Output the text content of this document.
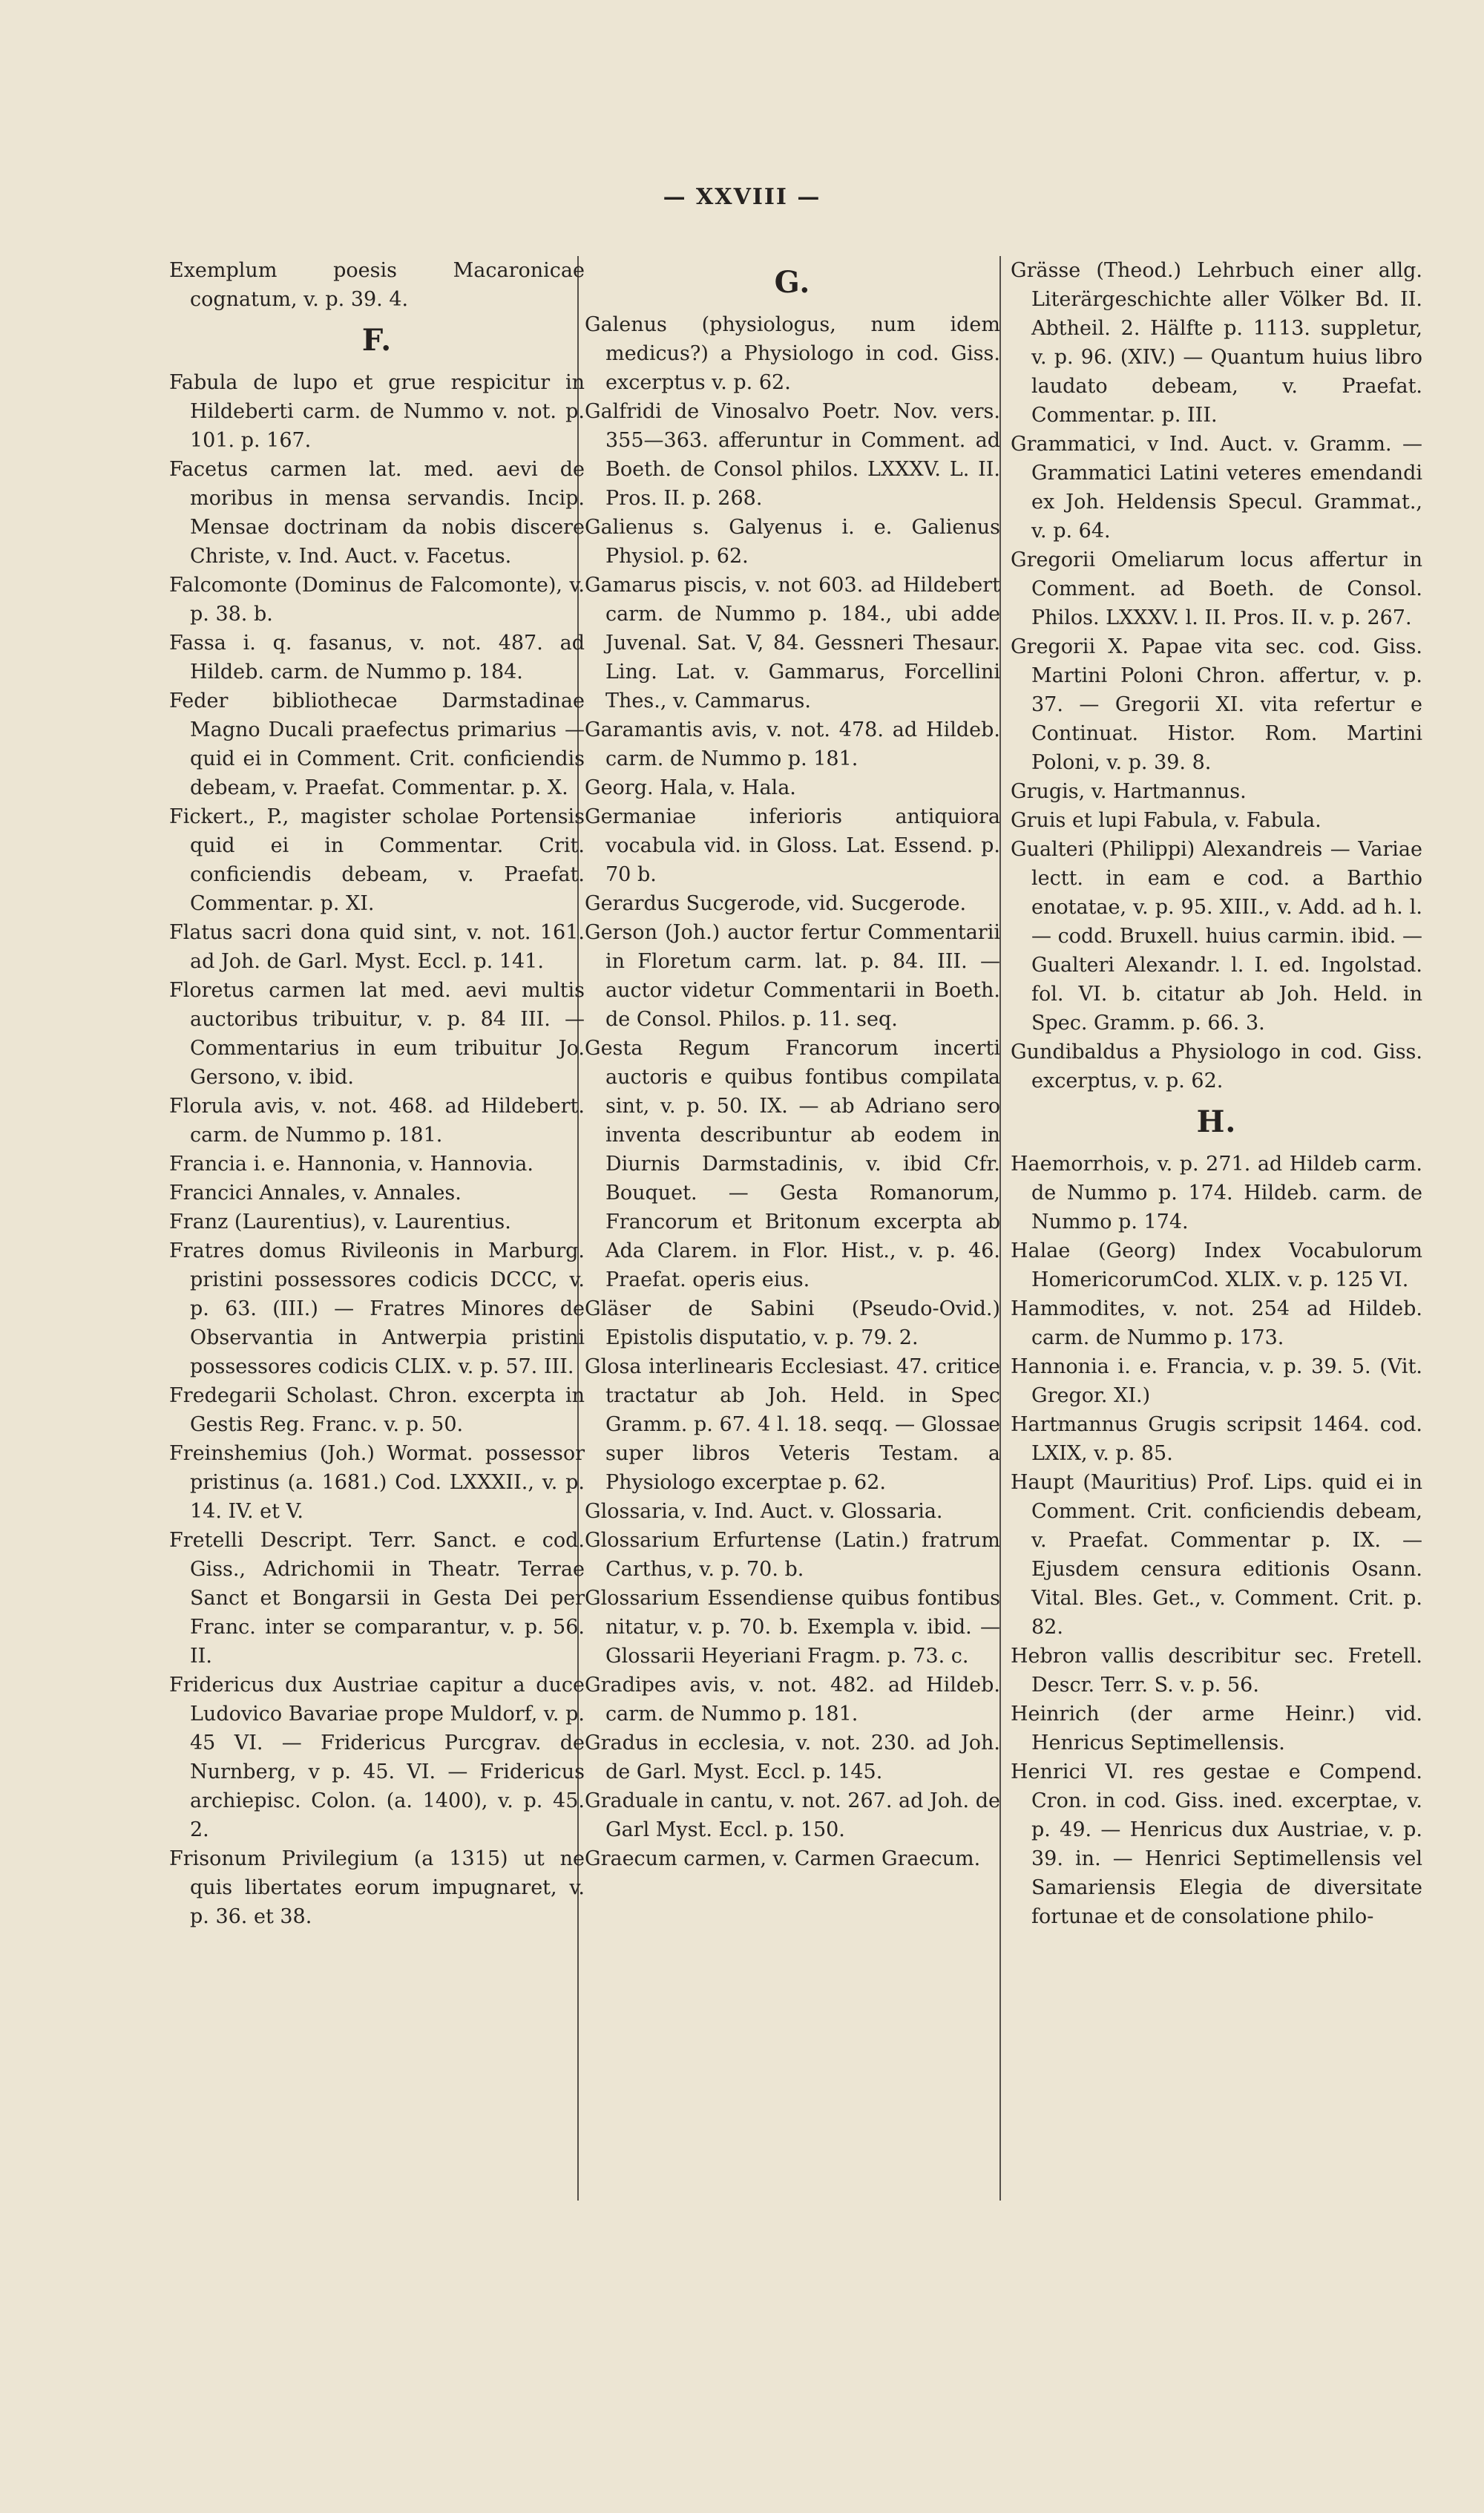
— XXVIII —
Exemplum poesis Macaronicae cognatum, v. p. 39. 4.
F.
Fabula de lupo et grue respicitur in Hildeberti carm. de Nummo v. not. p. 101. p. 167.
Facetus carmen lat. med. aevi de moribus in mensa servandis. Incip. Mensae doctrinam da nobis discere Christe, v. Ind. Auct. v. Facetus.
Falcomonte (Dominus de Falcomonte), v. p. 38. b.
Fassa i. q. fasanus, v. not. 487. ad Hildeb. carm. de Nummo p. 184.
Feder bibliothecae Darmstadinae Magno Ducali praefectus primarius — quid ei in Comment. Crit. conficiendis debeam, v. Praefat. Commentar. p. X.
Fickert., P., magister scholae Portensis quid ei in Commentar. Crit. conficiendis debeam, v. Praefat. Commentar. p. XI.
Flatus sacri dona quid sint, v. not. 161. ad Joh. de Garl. Myst. Eccl. p. 141.
Floretus carmen lat med. aevi multis auctoribus tribuitur, v. p. 84 III. — Commentarius in eum tribuitur Jo. Gersono, v. ibid.
Florula avis, v. not. 468. ad Hildebert. carm. de Nummo p. 181.
Francia i. e. Hannonia, v. Hannovia.
Francici Annales, v. Annales.
Franz (Laurentius), v. Laurentius.
Fratres domus Rivileonis in Marburg. pristini possessores codicis DCCC, v. p. 63. (III.) — Fratres Minores de Observantia in Antwerpia pristini possessores codicis CLIX. v. p. 57. III.
Fredegarii Scholast. Chron. excerpta in Gestis Reg. Franc. v. p. 50.
Freinshemius (Joh.) Wormat. possessor pristinus (a. 1681.) Cod. LXXXII., v. p. 14. IV. et V.
Fretelli Descript. Terr. Sanct. e cod. Giss., Adrichomii in Theatr. Terrae Sanct et Bongarsii in Gesta Dei per Franc. inter se comparantur, v. p. 56. II.
Fridericus dux Austriae capitur a duce Ludovico Bavariae prope Muldorf, v. p. 45 VI. — Fridericus Purcgrav. de Nurnberg, v p. 45. VI. — Fridericus archiepisc. Colon. (a. 1400), v. p. 45. 2.
Frisonum Privilegium (a 1315) ut ne quis libertates eorum impugnaret, v. p. 36. et 38.
G.
Galenus (physiologus, num idem medicus?) a Physiologo in cod. Giss. excerptus v. p. 62.
Galfridi de Vinosalvo Poetr. Nov. vers. 355—363. afferuntur in Comment. ad Boeth. de Consol philos. LXXXV. L. II. Pros. II. p. 268.
Galienus s. Galyenus i. e. Galienus Physiol. p. 62.
Gamarus piscis, v. not 603. ad Hildebert carm. de Nummo p. 184., ubi adde Juvenal. Sat. V, 84. Gessneri Thesaur. Ling. Lat. v. Gammarus, Forcellini Thes., v. Cammarus.
Garamantis avis, v. not. 478. ad Hildeb. carm. de Nummo p. 181.
Georg. Hala, v. Hala.
Germaniae inferioris antiquiora vocabula vid. in Gloss. Lat. Essend. p. 70 b.
Gerardus Sucgerode, vid. Sucgerode.
Gerson (Joh.) auctor fertur Commentarii in Floretum carm. lat. p. 84. III. — auctor videtur Commentarii in Boeth. de Consol. Philos. p. 11. seq.
Gesta Regum Francorum incerti auctoris e quibus fontibus compilata sint, v. p. 50. IX. — ab Adriano sero inventa describuntur ab eodem in Diurnis Darmstadinis, v. ibid Cfr. Bouquet. — Gesta Romanorum, Francorum et Britonum excerpta ab Ada Clarem. in Flor. Hist., v. p. 46. Praefat. operis eius.
Gläser de Sabini (Pseudo-Ovid.) Epistolis disputatio, v. p. 79. 2.
Glosa interlinearis Ecclesiast. 47. critice tractatur ab Joh. Held. in Spec Gramm. p. 67. 4 l. 18. seqq. — Glossae super libros Veteris Testam. a Physiologo excerptae p. 62.
Glossaria, v. Ind. Auct. v. Glossaria.
Glossarium Erfurtense (Latin.) fratrum Carthus, v. p. 70. b.
Glossarium Essendiense quibus fontibus nitatur, v. p. 70. b. Exempla v. ibid. — Glossarii Heyeriani Fragm. p. 73. c.
Gradipes avis, v. not. 482. ad Hildeb. carm. de Nummo p. 181.
Gradus in ecclesia, v. not. 230. ad Joh. de Garl. Myst. Eccl. p. 145.
Graduale in cantu, v. not. 267. ad Joh. de Garl Myst. Eccl. p. 150.
Graecum carmen, v. Carmen Graecum.
Grässe (Theod.) Lehrbuch einer allg. Literärgeschichte aller Völker Bd. II. Abtheil. 2. Hälfte p. 1113. suppletur, v. p. 96. (XIV.) — Quantum huius libro laudato debeam, v. Praefat. Commentar. p. III.
Grammatici, v Ind. Auct. v. Gramm. — Grammatici Latini veteres emendandi ex Joh. Heldensis Specul. Grammat., v. p. 64.
Gregorii Omeliarum locus affertur in Comment. ad Boeth. de Consol. Philos. LXXXV. l. II. Pros. II. v. p. 267.
Gregorii X. Papae vita sec. cod. Giss. Martini Poloni Chron. affertur, v. p. 37. — Gregorii XI. vita refertur e Continuat. Histor. Rom. Martini Poloni, v. p. 39. 8.
Grugis, v. Hartmannus.
Gruis et lupi Fabula, v. Fabula.
Gualteri (Philippi) Alexandreis — Variae lectt. in eam e cod. a Barthio enotatae, v. p. 95. XIII., v. Add. ad h. l. — codd. Bruxell. huius carmin. ibid. — Gualteri Alexandr. l. I. ed. Ingolstad. fol. VI. b. citatur ab Joh. Held. in Spec. Gramm. p. 66. 3.
Gundibaldus a Physiologo in cod. Giss. excerptus, v. p. 62.
H.
Haemorrhois, v. p. 271. ad Hildeb carm. de Nummo p. 174. Hildeb. carm. de Nummo p. 174.
Halae (Georg) Index Vocabulorum HomericorumCod. XLIX. v. p. 125 VI.
Hammodites, v. not. 254 ad Hildeb. carm. de Nummo p. 173.
Hannonia i. e. Francia, v. p. 39. 5. (Vit. Gregor. XI.)
Hartmannus Grugis scripsit 1464. cod. LXIX, v. p. 85.
Haupt (Mauritius) Prof. Lips. quid ei in Comment. Crit. conficiendis debeam, v. Praefat. Commentar p. IX. — Ejusdem censura editionis Osann. Vital. Bles. Get., v. Comment. Crit. p. 82.
Hebron vallis describitur sec. Fretell. Descr. Terr. S. v. p. 56.
Heinrich (der arme Heinr.) vid. Henricus Septimellensis.
Henrici VI. res gestae e Compend. Cron. in cod. Giss. ined. excerptae, v. p. 49. — Henricus dux Austriae, v. p. 39. in. — Henrici Septimellensis vel Samariensis Elegia de diversitate fortunae et de consolatione philo-
